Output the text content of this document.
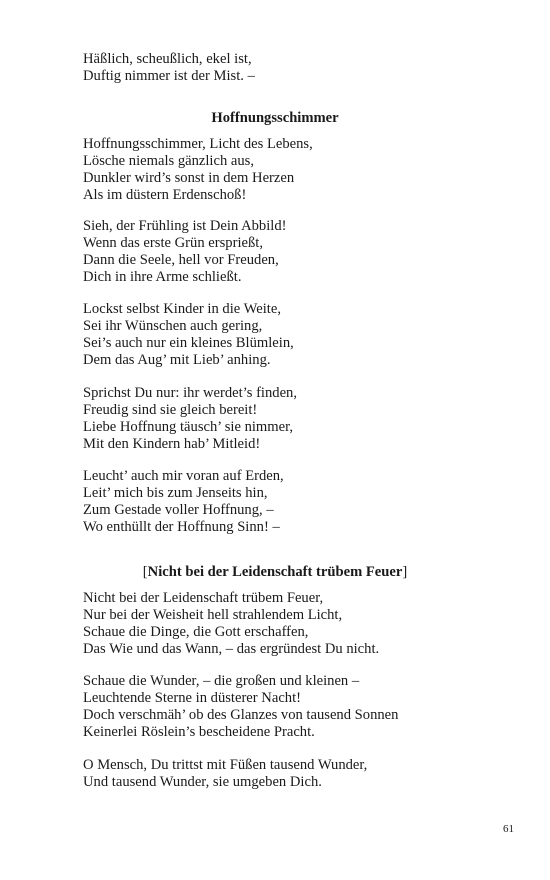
Häßlich, scheußlich, ekel ist,
Duftig nimmer ist der Mist. –
Hoffnungsschimmer
Hoffnungsschimmer, Licht des Lebens,
Lösche niemals gänzlich aus,
Dunkler wird’s sonst in dem Herzen
Als im düstern Erdenschoß!
Sieh, der Frühling ist Dein Abbild!
Wenn das erste Grün ersprießt,
Dann die Seele, hell vor Freuden,
Dich in ihre Arme schließt.
Lockst selbst Kinder in die Weite,
Sei ihr Wünschen auch gering,
Sei’s auch nur ein kleines Blümlein,
Dem das Aug’ mit Lieb’ anhing.
Sprichst Du nur: ihr werdet’s finden,
Freudig sind sie gleich bereit!
Liebe Hoffnung täusch’ sie nimmer,
Mit den Kindern hab’ Mitleid!
Leucht’ auch mir voran auf Erden,
Leit’ mich bis zum Jenseits hin,
Zum Gestade voller Hoffnung, –
Wo enthüllt der Hoffnung Sinn! –
[Nicht bei der Leidenschaft trübem Feuer]
Nicht bei der Leidenschaft trübem Feuer,
Nur bei der Weisheit hell strahlendem Licht,
Schaue die Dinge, die Gott erschaffen,
Das Wie und das Wann, – das ergründest Du nicht.
Schaue die Wunder, – die großen und kleinen –
Leuchtende Sterne in düsterer Nacht!
Doch verschmäh’ ob des Glanzes von tausend Sonnen
Keinerlei Röslein’s bescheidene Pracht.
O Mensch, Du trittst mit Füßen tausend Wunder,
Und tausend Wunder, sie umgeben Dich.
61
